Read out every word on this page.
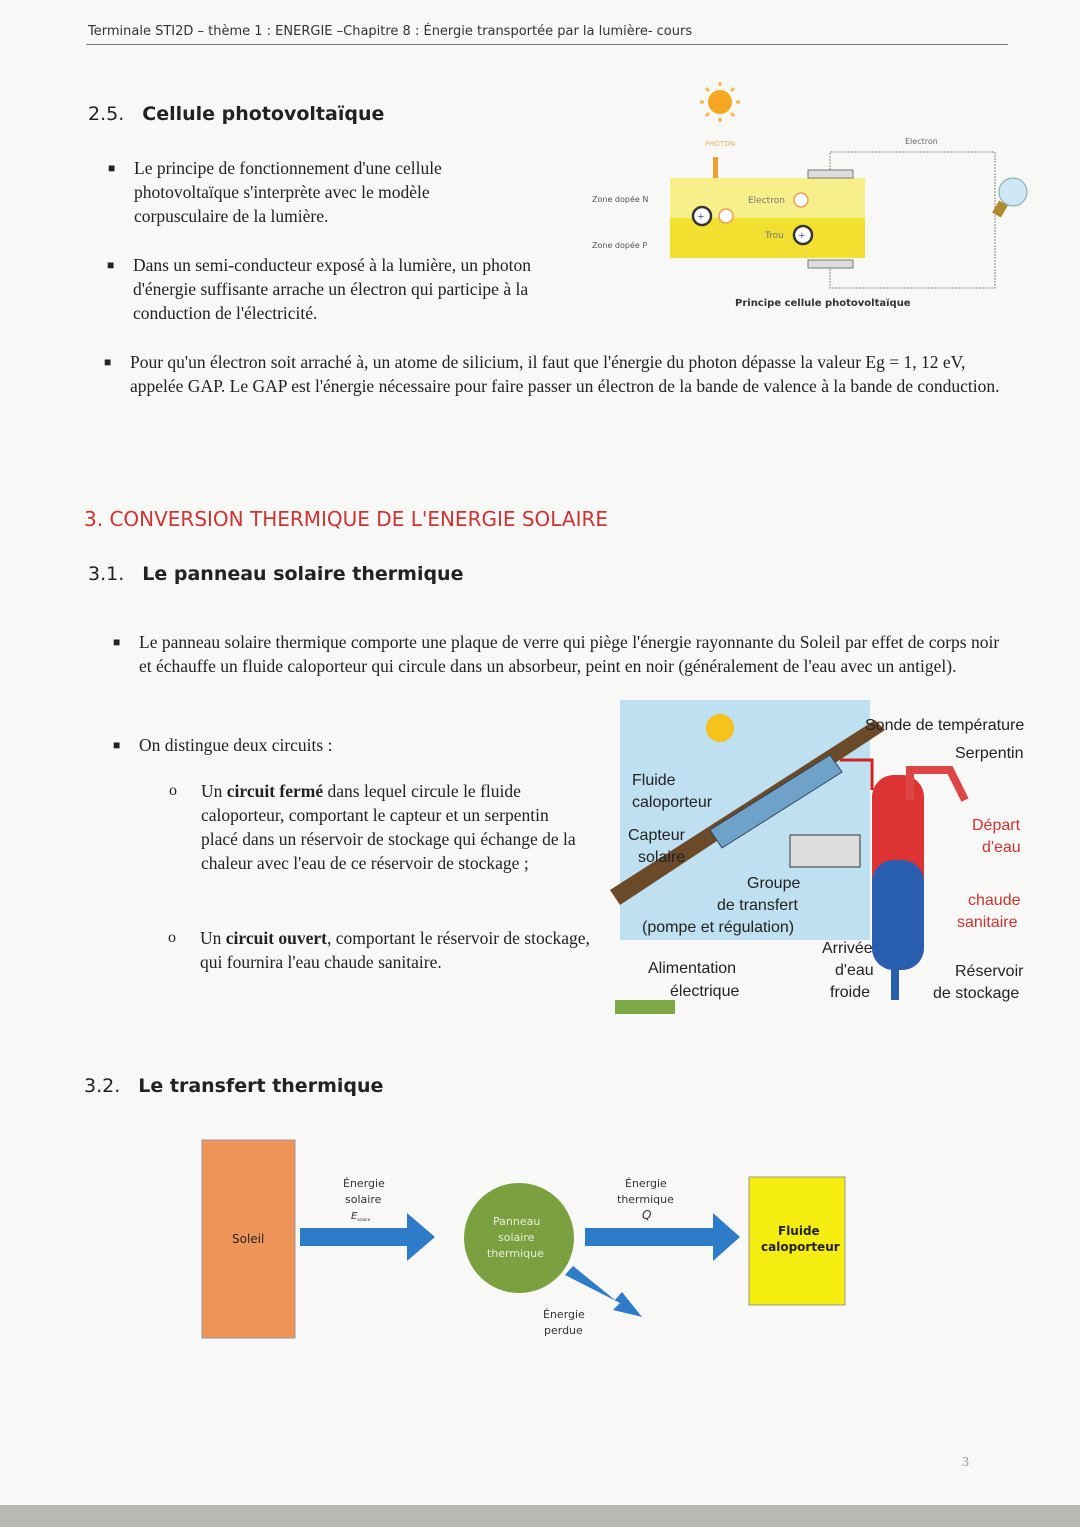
Terminale STI2D – thème 1 : ENERGIE –Chapitre 8 : Énergie transportée par la lumière- cours
2.5. Cellule photovoltaïque
■ Le principe de fonctionnement d'une cellule photovoltaïque s'interprète avec le modèle corpusculaire de la lumière.
■ Dans un semi-conducteur exposé à la lumière, un photon d'énergie suffisante arrache un électron qui participe à la conduction de l'électricité.
■ Pour qu'un électron soit arraché à, un atome de silicium, il faut que l'énergie du photon dépasse la valeur Eg = 1, 12 eV, appelée GAP. Le GAP est l'énergie nécessaire pour faire passer un électron de la bande de valence à la bande de conduction.
PHOTON
Zone dopée N
Zone dopée P
+
Electron
Trou +
Electron
Principe cellule photovoltaïque
3. CONVERSION THERMIQUE DE L'ENERGIE SOLAIRE
3.1. Le panneau solaire thermique
■ Le panneau solaire thermique comporte une plaque de verre qui piège l'énergie rayonnante du Soleil par effet de corps noir et échauffe un fluide caloporteur qui circule dans un absorbeur, peint en noir (généralement de l'eau avec un antigel).
■ On distingue deux circuits :
o Un circuit fermé dans lequel circule le fluide caloporteur, comportant le capteur et un serpentin placé dans un réservoir de stockage qui échange de la chaleur avec l'eau de ce réservoir de stockage ;
o Un circuit ouvert, comportant le réservoir de stockage, qui fournira l'eau chaude sanitaire.
Sonde de température
Serpentin
Fluide
caloporteur
Capteur
solaire
Groupe
de transfert
(pompe et régulation)
Arrivée
d'eau
froide
Alimentation
électrique
Réservoir
de stockage
Départ
d'eau
chaude
sanitaire
3.2. Le transfert thermique
Soleil
Énergie
solaire
E solaire	Panneau
solaire
thermique
Énergie
thermique
Q
Énergie
perdue
Fluide
caloporteur
3
